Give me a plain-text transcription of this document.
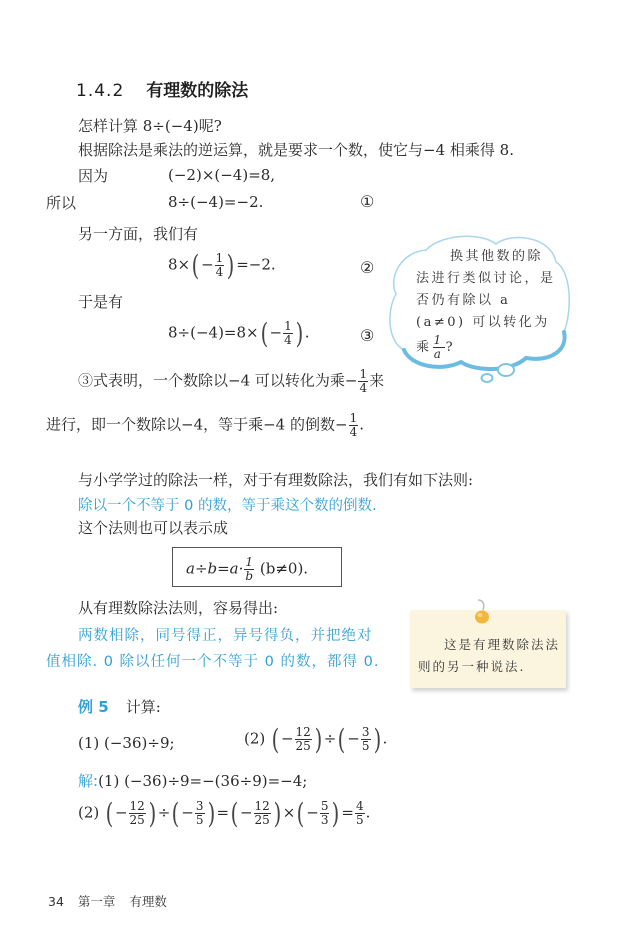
1.4.2 有理数的除法
怎样计算 8÷(−4)呢?
根据除法是乘法的逆运算，就是要求一个数，使它与−4 相乘得 8.
因为	(−2)×(−4)=8,
所以	8÷(−4)=−2.	①
另一方面，我们有
$8\times( - \frac{1}{4}$ ) =−2.	②
于是有
$8\div(-4)=8\times( - \frac{1}{4}$ ) .	③
③式表明，一个数除以−4 可以转化为乘− $\frac{1}{4}$ 来
进行，即一个数除以−4，等于乘−4 的倒数− $\frac{1}{4}$ .
换其他数的除法进行类似讨论，是否仍有除以 a (a≠0) 可以转化为乘 $\frac{1}{a}$ ?
与小学学过的除法一样，对于有理数除法，我们有如下法则:
除以一个不等于 0 的数，等于乘这个数的倒数.
这个法则也可以表示成
$a\div b=a\cdot \frac{1}{b} (b\ne 0)$.
从有理数除法法则，容易得出:
两数相除，同号得正，异号得负，并把绝对
值相除. 0 除以任何一个不等于 0 的数，都得 0.
这是有理数除法法则的另一种说法.
例 5 计算:
(1) (−36)÷9;	(2) ( − $\frac{12}{25}$ ) ÷( − $\frac{3}{5}$ ) .
解:(1) (−36)÷9=−(36÷9)=−4;
(2) ( − $\frac{12}{25}$ ) ÷( − $\frac{3}{5}$ ) =( − $\frac{12}{25}$ ) ×( − $\frac{5}{3}$ ) = $\frac{4}{5}$ .
34 第一章 有理数
